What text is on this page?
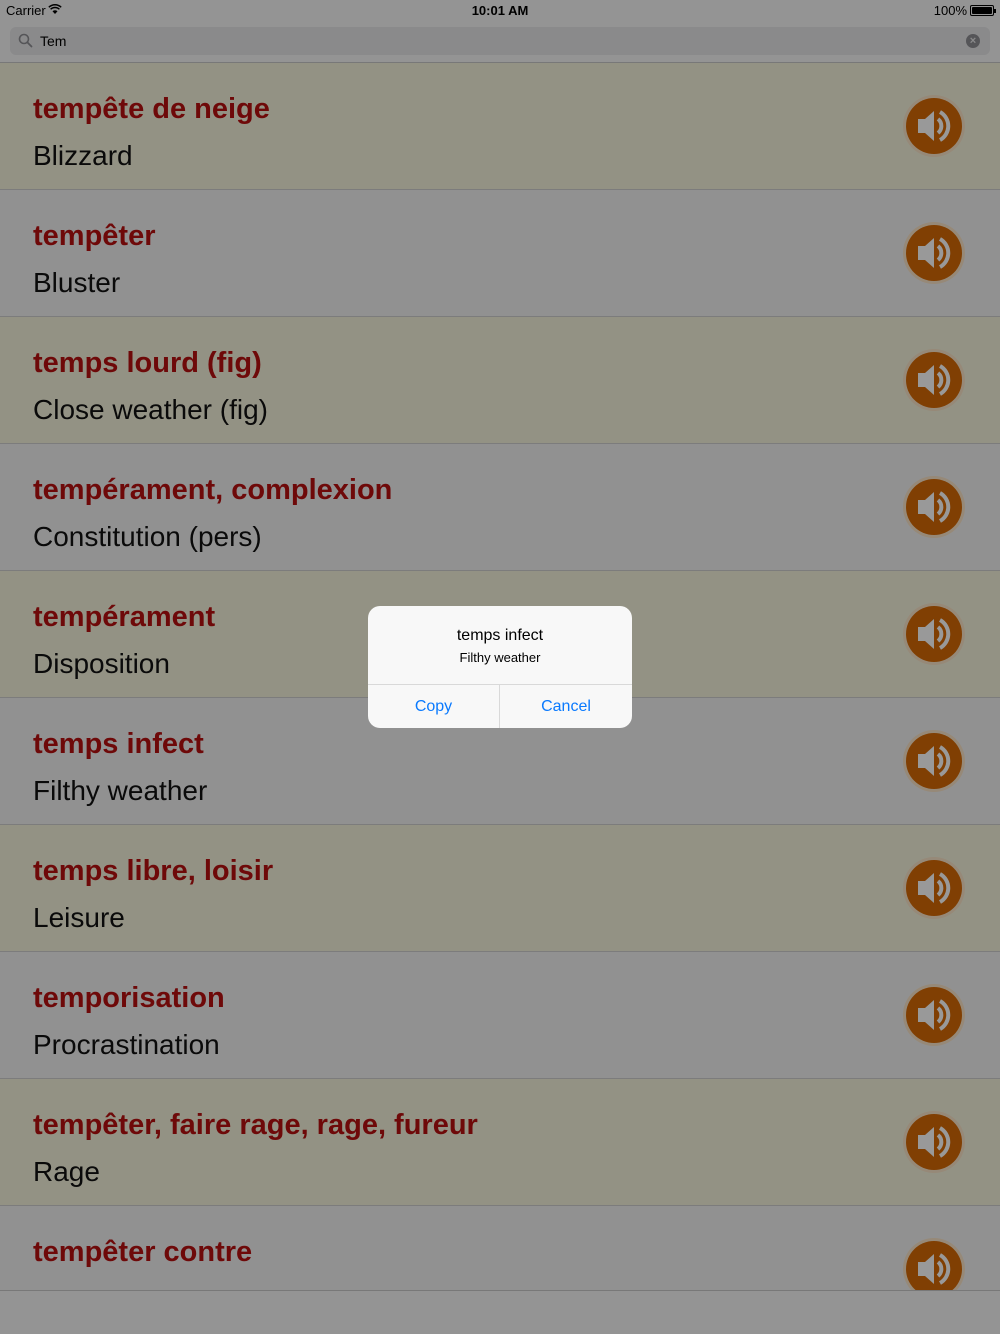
Carrier	10:01 AM	100%
Tem
×
tempête de neige
Blizzard
tempêter
Bluster
temps lourd (fig)
Close weather (fig)
tempérament, complexion
Constitution (pers)
tempérament
Disposition
temps infect
Filthy weather
temps libre, loisir
Leisure
temporisation
Procrastination
tempêter, faire rage, rage, fureur
Rage
tempêter contre
temps infect
Filthy weather
Copy	Cancel
